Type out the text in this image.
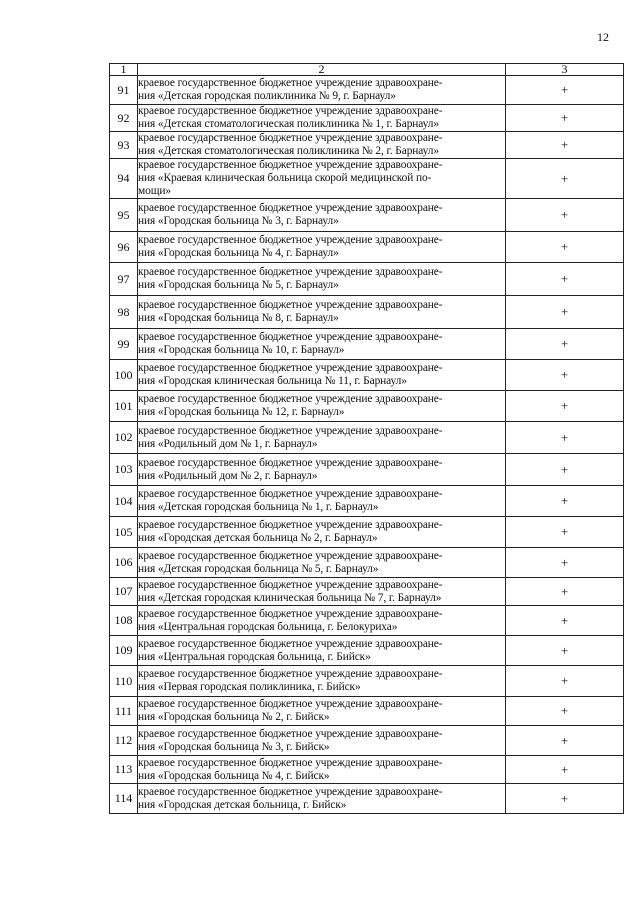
12
1	2	3
91	краевое государственное бюджетное учреждение здравоохране-
ния «Детская городская поликлиника № 9, г. Барнаул»	+
92	краевое государственное бюджетное учреждение здравоохране-
ния «Детская стоматологическая поликлиника № 1, г. Барнаул»	+
93	краевое государственное бюджетное учреждение здравоохране-
ния «Детская стоматологическая поликлиника № 2, г. Барнаул»	+
94	краевое государственное бюджетное учреждение здравоохране-
ния «Краевая клиническая больница скорой медицинской по-
мощи»	+
95	краевое государственное бюджетное учреждение здравоохране-
ния «Городская больница № 3, г. Барнаул»	+
96	краевое государственное бюджетное учреждение здравоохране-
ния «Городская больница № 4, г. Барнаул»	+
97	краевое государственное бюджетное учреждение здравоохране-
ния «Городская больница № 5, г. Барнаул»	+
98	краевое государственное бюджетное учреждение здравоохране-
ния «Городская больница № 8, г. Барнаул»	+
99	краевое государственное бюджетное учреждение здравоохране-
ния «Городская больница № 10, г. Барнаул»	+
100	краевое государственное бюджетное учреждение здравоохране-
ния «Городская клиническая больница № 11, г. Барнаул»	+
101	краевое государственное бюджетное учреждение здравоохране-
ния «Городская больница № 12, г. Барнаул»	+
102	краевое государственное бюджетное учреждение здравоохране-
ния «Родильный дом № 1, г. Барнаул»	+
103	краевое государственное бюджетное учреждение здравоохране-
ния «Родильный дом № 2, г. Барнаул»	+
104	краевое государственное бюджетное учреждение здравоохране-
ния «Детская городская больница № 1, г. Барнаул»	+
105	краевое государственное бюджетное учреждение здравоохране-
ния «Городская детская больница № 2, г. Барнаул»	+
106	краевое государственное бюджетное учреждение здравоохране-
ния «Детская городская больница № 5, г. Барнаул»	+
107	краевое государственное бюджетное учреждение здравоохране-
ния «Детская городская клиническая больница № 7, г. Барнаул»	+
108	краевое государственное бюджетное учреждение здравоохране-
ния «Центральная городская больница, г. Белокуриха»	+
109	краевое государственное бюджетное учреждение здравоохране-
ния «Центральная городская больница, г. Бийск»	+
110	краевое государственное бюджетное учреждение здравоохране-
ния «Первая городская поликлиника, г. Бийск»	+
111	краевое государственное бюджетное учреждение здравоохране-
ния «Городская больница № 2, г. Бийск»	+
112	краевое государственное бюджетное учреждение здравоохране-
ния «Городская больница № 3, г. Бийск»	+
113	краевое государственное бюджетное учреждение здравоохране-
ния «Городская больница № 4, г. Бийск»	+
114	краевое государственное бюджетное учреждение здравоохране-
ния «Городская детская больница, г. Бийск»	+
